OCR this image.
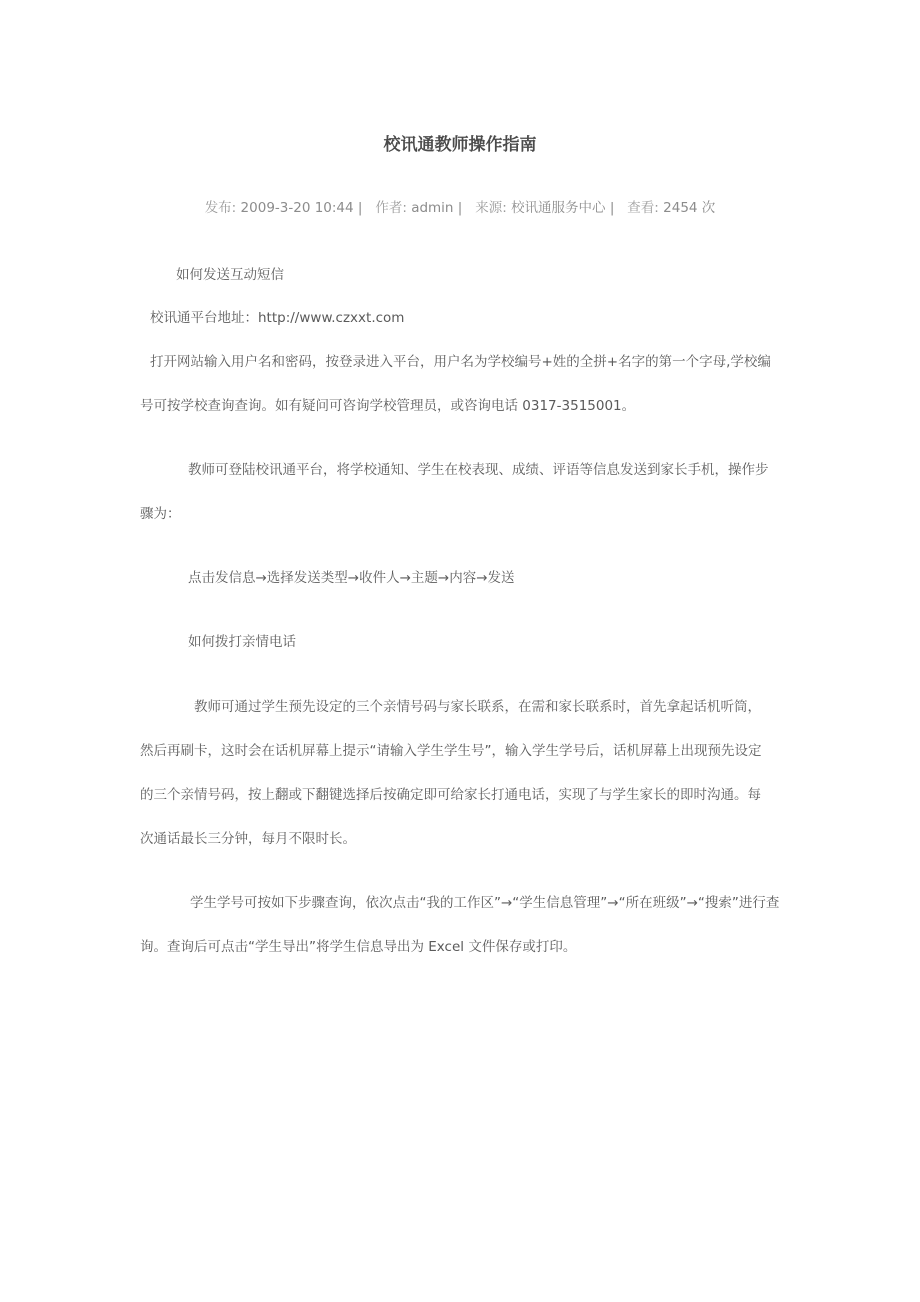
校讯通教师操作指南
发布: 2009-3-20 10:44 | 作者: admin | 来源: 校讯通服务中心 | 查看: 2454 次
如何发送互动短信
校讯通平台地址：http://www.czxxt.com
打开网站输入用户名和密码，按登录进入平台，用户名为学校编号+姓的全拼+名字的第一个字母,学校编
号可按学校查询查询。如有疑问可咨询学校管理员，或咨询电话 0317-3515001。
教师可登陆校讯通平台，将学校通知、学生在校表现、成绩、评语等信息发送到家长手机，操作步
骤为：
点击发信息→选择发送类型→收件人→主题→内容→发送
如何拨打亲情电话
教师可通过学生预先设定的三个亲情号码与家长联系，在需和家长联系时，首先拿起话机听筒，
然后再刷卡，这时会在话机屏幕上提示“请输入学生学生号”，输入学生学号后，话机屏幕上出现预先设定
的三个亲情号码，按上翻或下翻键选择后按确定即可给家长打通电话，实现了与学生家长的即时沟通。每
次通话最长三分钟，每月不限时长。
学生学号可按如下步骤查询，依次点击“我的工作区”→“学生信息管理”→“所在班级”→“搜索”进行查
询。查询后可点击“学生导出”将学生信息导出为 Excel 文件保存或打印。
